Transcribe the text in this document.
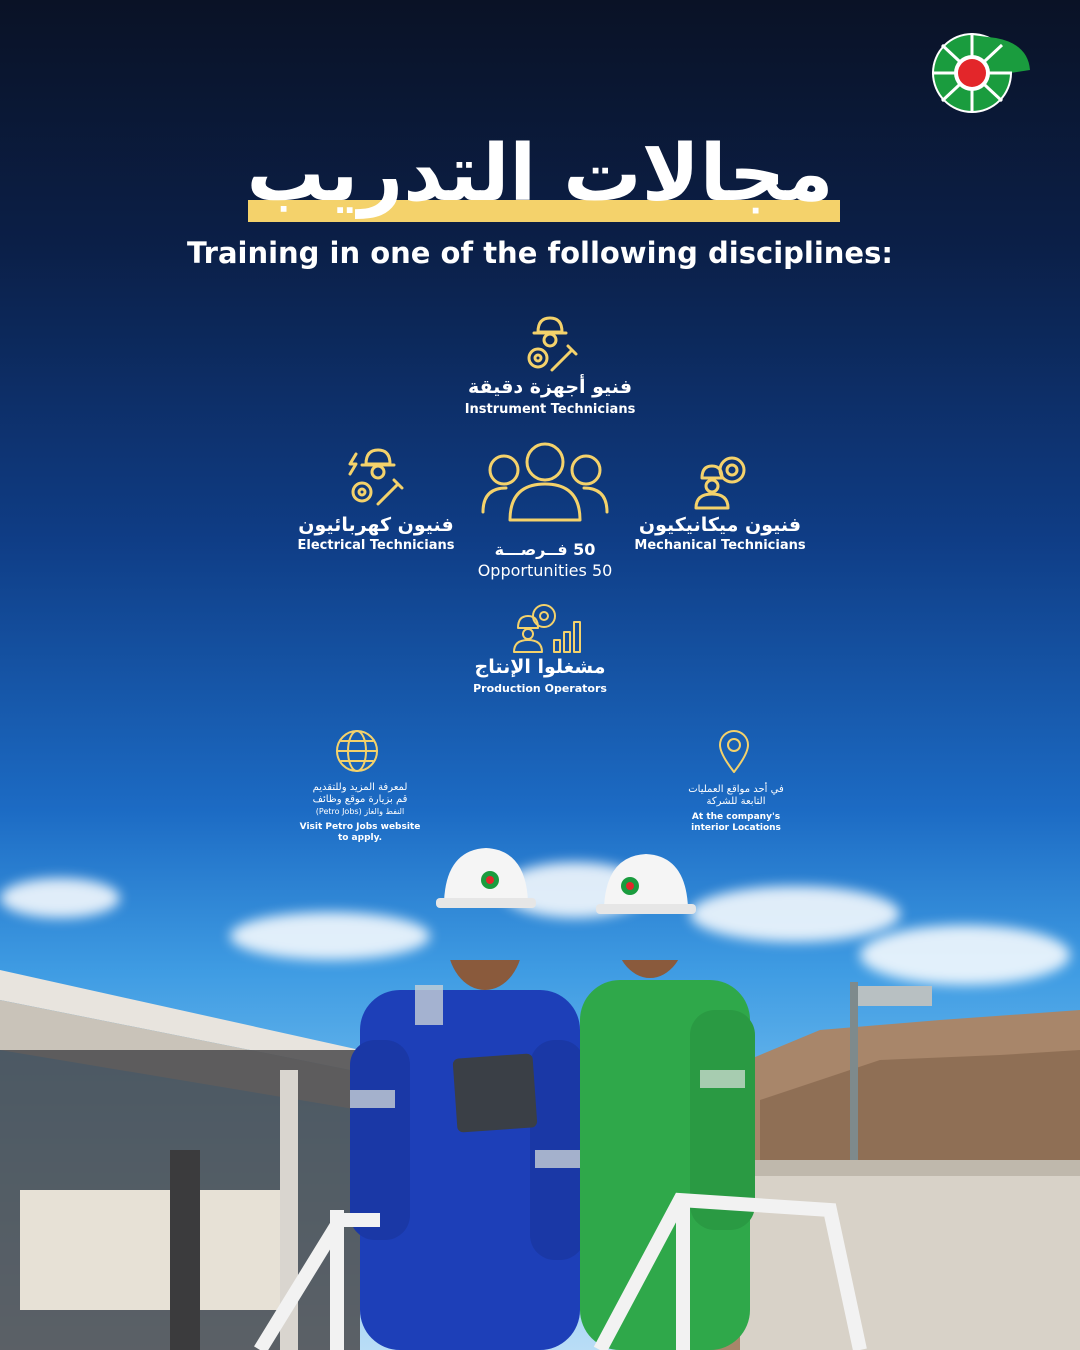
مجالات التدريب
Training in one of the following disciplines:
فنيو أجهزة دقيقة
Instrument Technicians
فنيون كهربائيون
Electrical Technicians	50 فــرصـــة
Opportunities 50
فنيون ميكانيكيون
Mechanical Technicians
مشغلوا الإنتاج
Production Operators
لمعرفة المزيد وللتقديم
قم بزيارة موقع وظائف
النفط والغاز (Petro Jobs)
Visit Petro Jobs website
to apply.
في أحد مواقع العمليات
التابعة للشركة
At the company's
interior Locations
